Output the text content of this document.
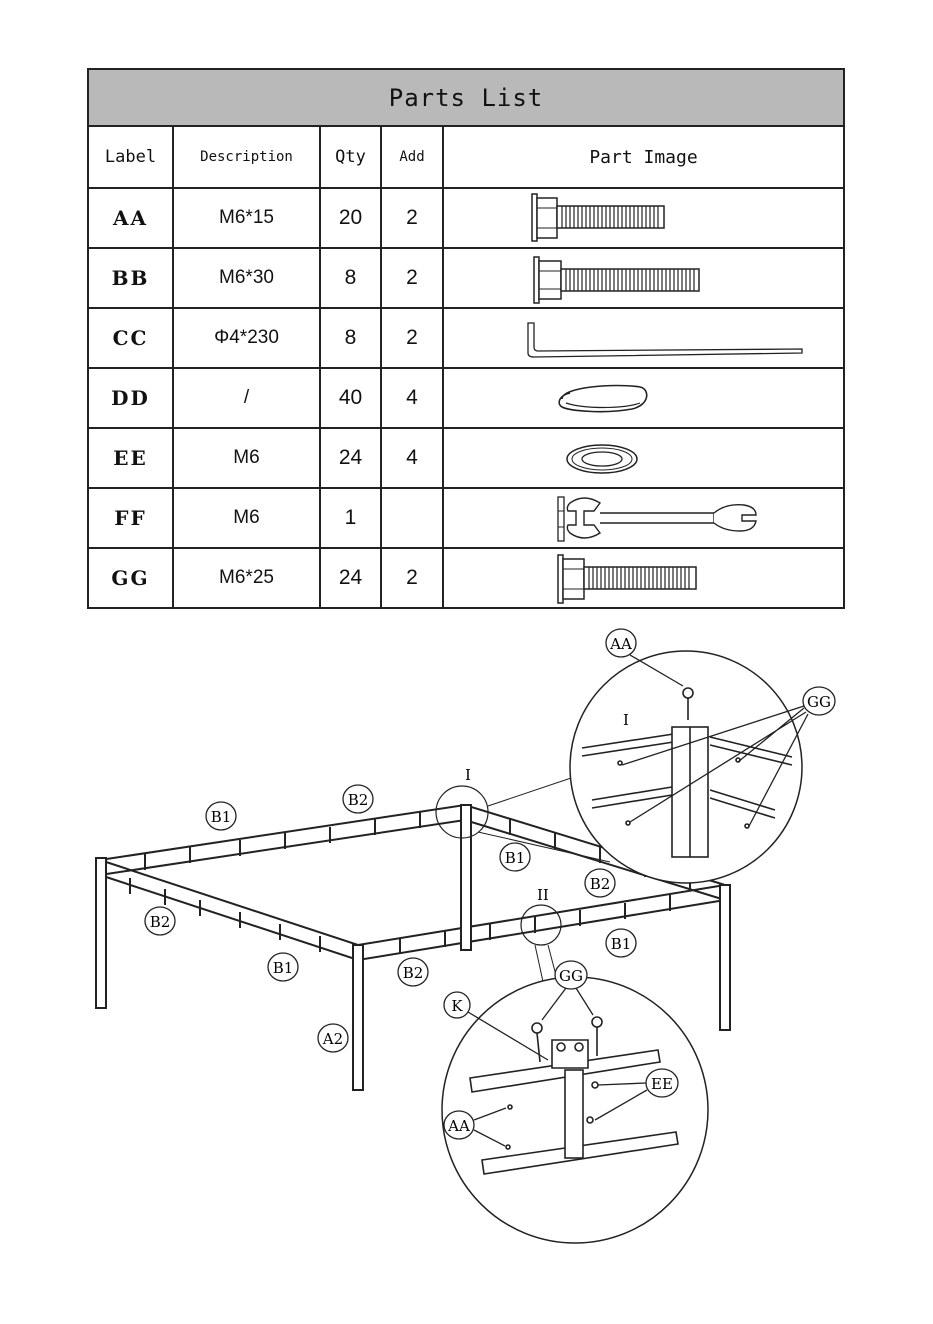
Parts List				
Label	Description	Qty	Add	Part Image
AA	M6*15	20	2	

BB	M6*30	8	2	

CC	Φ4*230	8	2	

DD	/	40	4	

EE	M6	24	4	

FF	M6	1		

GG	M6*25	24	2	
I
I
AA
GG
B1
B2
B1
B2
B2
B1
B1	B2
A2
II
GG
K
EE
AA
